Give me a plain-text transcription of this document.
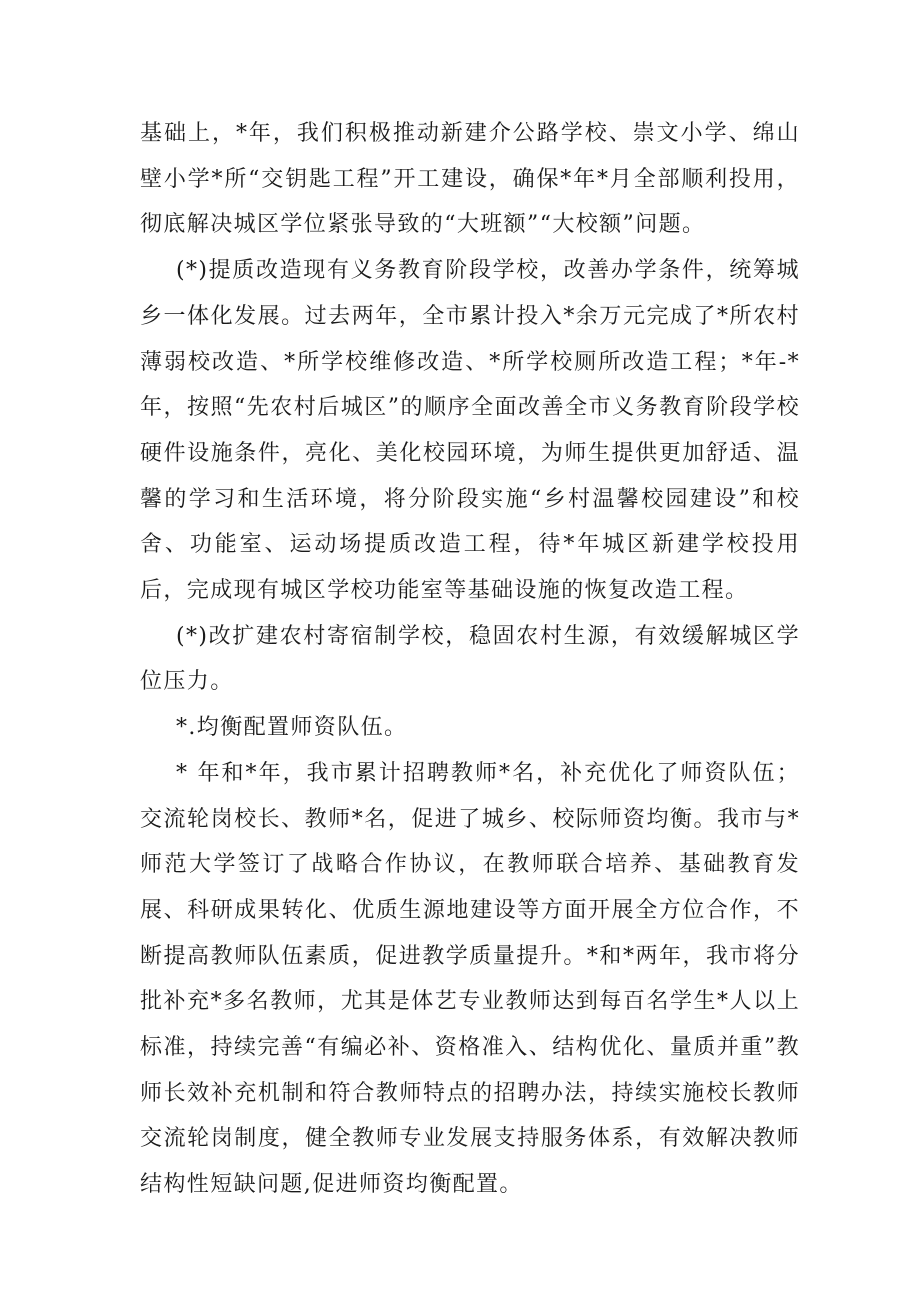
基础上，*年，我们积极推动新建介公路学校、崇文小学、绵山壁小学*所“交钥匙工程”开工建设，确保*年*月全部顺利投用，彻底解决城区学位紧张导致的“大班额”“大校额”问题。

(*)提质改造现有义务教育阶段学校，改善办学条件，统筹城乡一体化发展。过去两年，全市累计投入*余万元完成了*所农村薄弱校改造、*所学校维修改造、*所学校厕所改造工程；*年-*年，按照“先农村后城区”的顺序全面改善全市义务教育阶段学校硬件设施条件，亮化、美化校园环境，为师生提供更加舒适、温馨的学习和生活环境，将分阶段实施“乡村温馨校园建设”和校舍、功能室、运动场提质改造工程，待*年城区新建学校投用后，完成现有城区学校功能室等基础设施的恢复改造工程。

(*)改扩建农村寄宿制学校，稳固农村生源，有效缓解城区学位压力。

*.均衡配置师资队伍。

* 年和*年，我市累计招聘教师*名，补充优化了师资队伍；交流轮岗校长、教师*名，促进了城乡、校际师资均衡。我市与*师范大学签订了战略合作协议，在教师联合培养、基础教育发展、科研成果转化、优质生源地建设等方面开展全方位合作，不断提高教师队伍素质，促进教学质量提升。*和*两年，我市将分批补充*多名教师，尤其是体艺专业教师达到每百名学生*人以上标准，持续完善“有编必补、资格准入、结构优化、量质并重”教师长效补充机制和符合教师特点的招聘办法，持续实施校长教师交流轮岗制度，健全教师专业发展支持服务体系，有效解决教师结构性短缺问题,促进师资均衡配置。
